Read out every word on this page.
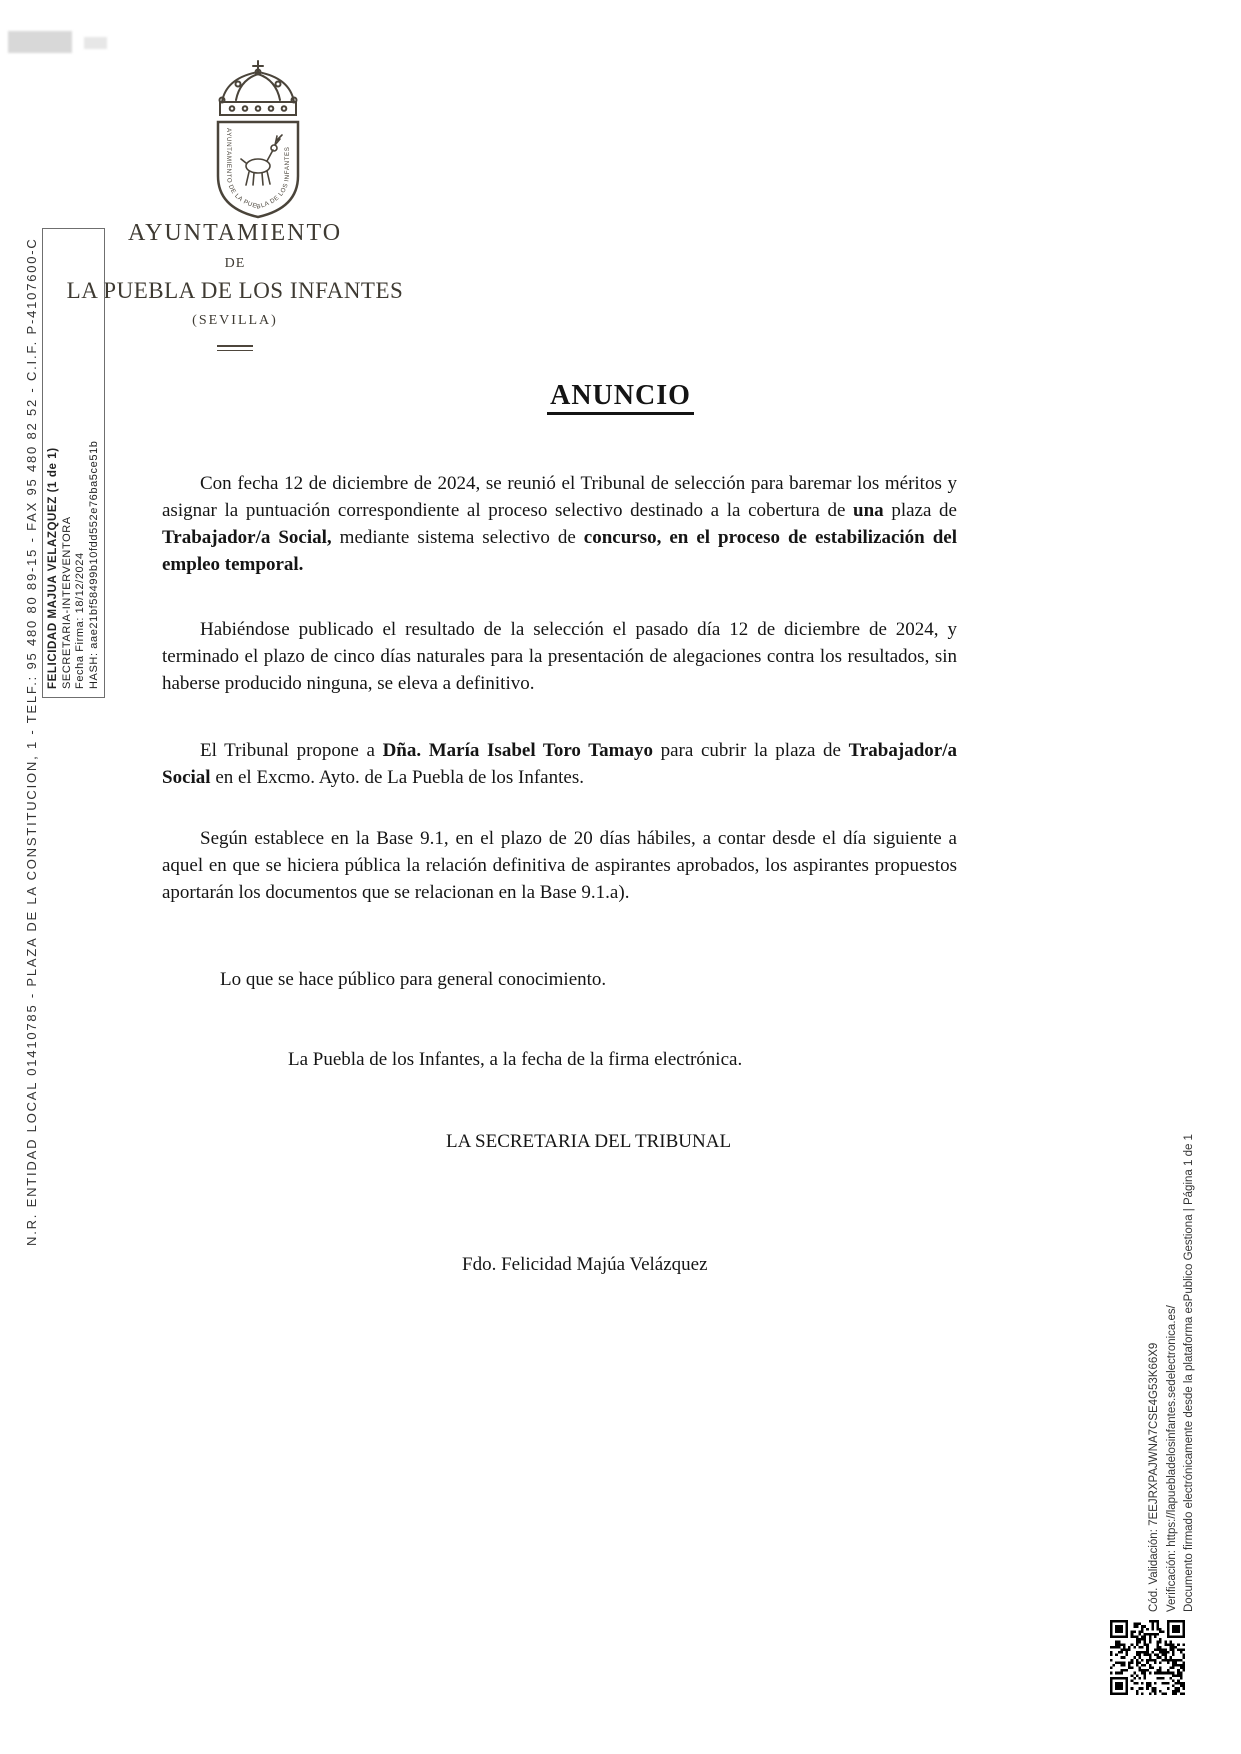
AYUNTAMIENTO DE LA PUEBLA DE LOS INFANTES
AYUNTAMIENTO
DE
LA PUEBLA DE LOS INFANTES
(SEVILLA)
ANUNCIO

Con fecha 12 de diciembre de 2024, se reunió el Tribunal de selección para baremar los méritos y asignar la puntuación correspondiente al proceso selectivo destinado a la cobertura de una plaza de Trabajador/a Social, mediante sistema selectivo de concurso, en el proceso de estabilización del empleo temporal.

Habiéndose publicado el resultado de la selección el pasado día 12 de diciembre de 2024, y terminado el plazo de cinco días naturales para la presentación de alegaciones contra los resultados, sin haberse producido ninguna, se eleva a definitivo.

El Tribunal propone a Dña. María Isabel Toro Tamayo para cubrir la plaza de Trabajador/a Social en el Excmo. Ayto. de La Puebla de los Infantes.

Según establece en la Base 9.1, en el plazo de 20 días hábiles, a contar desde el día siguiente a aquel en que se hiciera pública la relación definitiva de aspirantes aprobados, los aspirantes propuestos aportarán los documentos que se relacionan en la Base 9.1.a).

Lo que se hace público para general conocimiento.

La Puebla de los Infantes, a la fecha de la firma electrónica.

LA SECRETARIA DEL TRIBUNAL

Fdo. Felicidad Majúa Velázquez

FELICIDAD MAJUA VELAZQUEZ (1 de 1) SECRETARIA-INTERVENTORA Fecha Firma: 18/12/2024 HASH: aae21bf58499b10fdd552e76ba5ce51b
N.R. ENTIDAD LOCAL 01410785 - PLAZA DE LA CONSTITUCION, 1 - TELF.: 95 480 80 89-15 - FAX 95 480 82 52 - C.I.F. P-4107600-C
Cód. Validación: 7EEJRXPAJWNA7CSE4G53K66X9 Verificación: https://lapuebladelosinfantes.sedelectronica.es/ Documento firmado electrónicamente desde la plataforma esPublico Gestiona | Página 1 de 1
